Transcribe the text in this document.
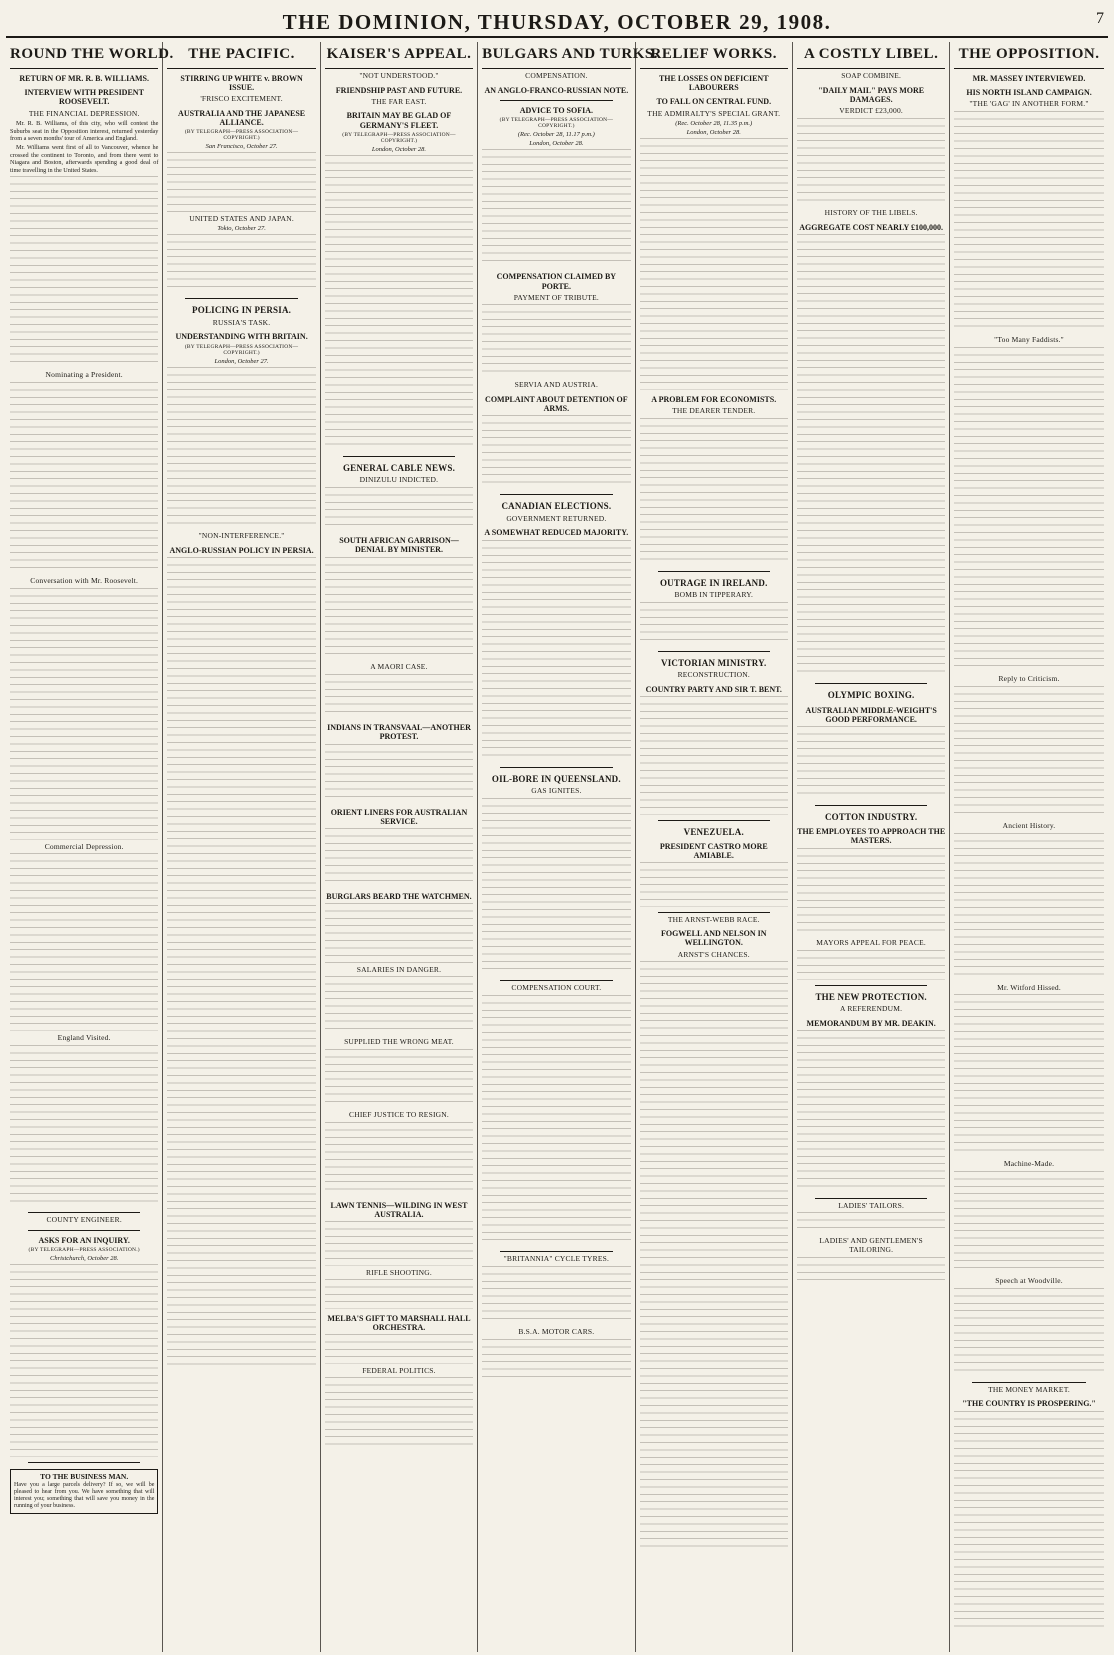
THE DOMINION, THURSDAY, OCTOBER 29, 1908.	7
ROUND THE WORLD.
RETURN OF MR. R. B. WILLIAMS.
INTERVIEW WITH PRESIDENT ROOSEVELT.
THE FINANCIAL DEPRESSION.
Mr. R. B. Williams, of this city, who will contest the Suburbs seat in the Opposition interest, returned yesterday from a seven months' tour of America and England.
Mr. Williams went first of all to Vancouver, whence he crossed the continent to Toronto, and from there went to Niagara and Boston, afterwards spending a good deal of time travelling in the United States.
Nominating a President.
Conversation with Mr. Roosevelt.
Commercial Depression.
England Visited.
COUNTY ENGINEER.
ASKS FOR AN INQUIRY.
(BY TELEGRAPH—PRESS ASSOCIATION.)
Christchurch, October 28.
TO THE BUSINESS MAN.
Have you a large parcels delivery? If so, we will be pleased to hear from you. We have something that will interest you; something that will save you money in the running of your business.
THE PACIFIC.
STIRRING UP WHITE v. BROWN ISSUE.
'FRISCO EXCITEMENT.
AUSTRALIA AND THE JAPANESE ALLIANCE.
(BY TELEGRAPH—PRESS ASSOCIATION—COPYRIGHT.)
San Francisco, October 27.
UNITED STATES AND JAPAN.
Tokio, October 27.
POLICING IN PERSIA.
RUSSIA'S TASK.
UNDERSTANDING WITH BRITAIN.
(BY TELEGRAPH—PRESS ASSOCIATION—COPYRIGHT.)
London, October 27.
"NON-INTERFERENCE."
ANGLO-RUSSIAN POLICY IN PERSIA.
KAISER'S APPEAL.
"NOT UNDERSTOOD."
FRIENDSHIP PAST AND FUTURE.
THE FAR EAST.
BRITAIN MAY BE GLAD OF GERMANY'S FLEET.
(BY TELEGRAPH—PRESS ASSOCIATION—COPYRIGHT.)
London, October 28.
GENERAL CABLE NEWS.
DINIZULU INDICTED.
SOUTH AFRICAN GARRISON—DENIAL BY MINISTER.
A MAORI CASE.
INDIANS IN TRANSVAAL—ANOTHER PROTEST.
ORIENT LINERS FOR AUSTRALIAN SERVICE.
BURGLARS BEARD THE WATCHMEN.
SALARIES IN DANGER.
SUPPLIED THE WRONG MEAT.
CHIEF JUSTICE TO RESIGN.
LAWN TENNIS—WILDING IN WEST AUSTRALIA.
RIFLE SHOOTING.
MELBA'S GIFT TO MARSHALL HALL ORCHESTRA.
FEDERAL POLITICS.
BULGARS AND TURKS.
COMPENSATION.
AN ANGLO-FRANCO-RUSSIAN NOTE.
ADVICE TO SOFIA.
(BY TELEGRAPH—PRESS ASSOCIATION—COPYRIGHT.)
(Rec. October 28, 11.17 p.m.)
London, October 28.
COMPENSATION CLAIMED BY PORTE.
PAYMENT OF TRIBUTE.
SERVIA AND AUSTRIA.
COMPLAINT ABOUT DETENTION OF ARMS.
CANADIAN ELECTIONS.
GOVERNMENT RETURNED.
A SOMEWHAT REDUCED MAJORITY.
OIL-BORE IN QUEENSLAND.
GAS IGNITES.
COMPENSATION COURT.
"BRITANNIA" CYCLE TYRES.
B.S.A. MOTOR CARS.
RELIEF WORKS.
THE LOSSES ON DEFICIENT LABOURERS
TO FALL ON CENTRAL FUND.
THE ADMIRALTY'S SPECIAL GRANT.
(Rec. October 28, 11.35 p.m.)
London, October 28.
A PROBLEM FOR ECONOMISTS.
THE DEARER TENDER.
OUTRAGE IN IRELAND.
BOMB IN TIPPERARY.
VICTORIAN MINISTRY.
RECONSTRUCTION.
COUNTRY PARTY AND SIR T. BENT.
VENEZUELA.
PRESIDENT CASTRO MORE AMIABLE.
THE ARNST-WEBB RACE.
FOGWELL AND NELSON IN WELLINGTON.
ARNST'S CHANCES.
A COSTLY LIBEL.
SOAP COMBINE.
"DAILY MAIL" PAYS MORE DAMAGES.
VERDICT £23,000.
HISTORY OF THE LIBELS.
AGGREGATE COST NEARLY £100,000.
OLYMPIC BOXING.
AUSTRALIAN MIDDLE-WEIGHT'S GOOD PERFORMANCE.
COTTON INDUSTRY.
THE EMPLOYEES TO APPROACH THE MASTERS.
MAYORS APPEAL FOR PEACE.
THE NEW PROTECTION.
A REFERENDUM.
MEMORANDUM BY MR. DEAKIN.
LADIES' TAILORS.
LADIES' AND GENTLEMEN'S TAILORING.
THE OPPOSITION.
MR. MASSEY INTERVIEWED.
HIS NORTH ISLAND CAMPAIGN.
"THE 'GAG' IN ANOTHER FORM."
"Too Many Faddists."
Reply to Criticism.
Ancient History.
Mr. Witford Hissed.
Machine-Made.
Speech at Woodville.
THE MONEY MARKET.
"THE COUNTRY IS PROSPERING."
